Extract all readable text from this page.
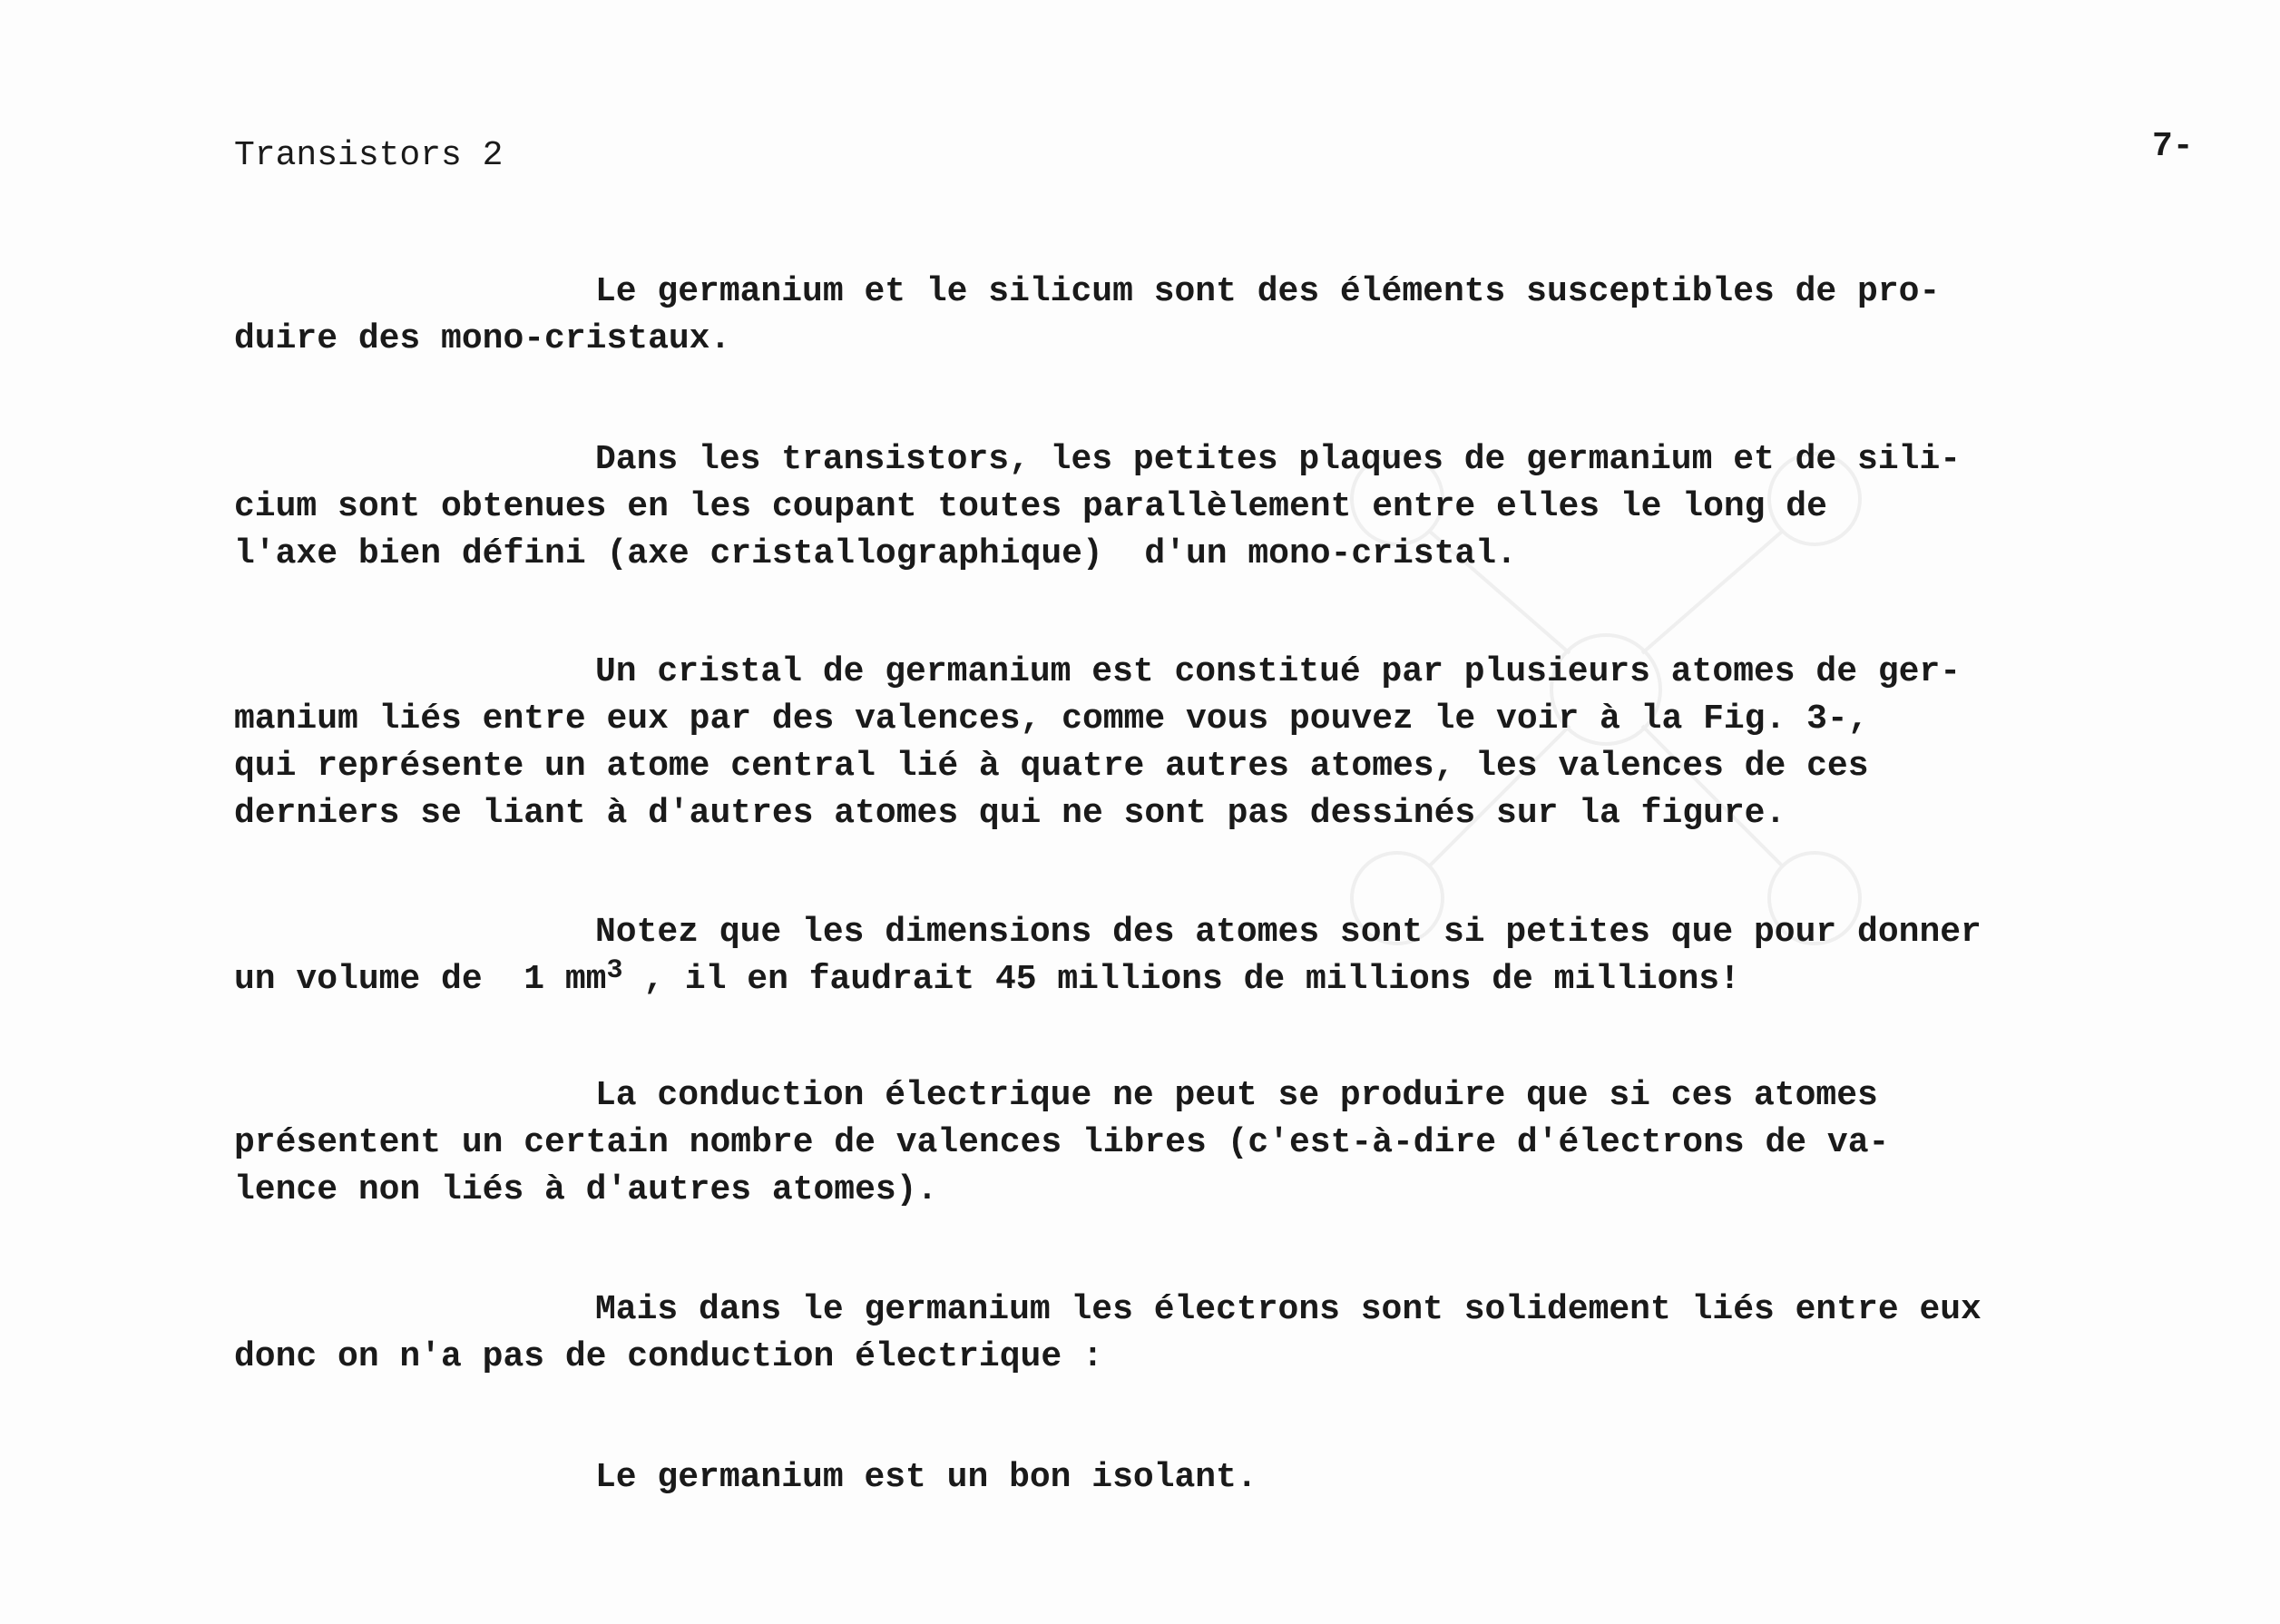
Transistors 2	7-
Le germanium et le silicum sont des éléments susceptibles de pro-
duire des mono-cristaux.
Dans les transistors, les petites plaques de germanium et de sili-
cium sont obtenues en les coupant toutes parallèlement entre elles le long de
l'axe bien défini (axe cristallographique)  d'un mono-cristal.
Un cristal de germanium est constitué par plusieurs atomes de ger-
manium liés entre eux par des valences, comme vous pouvez le voir à la Fig. 3-,
qui représente un atome central lié à quatre autres atomes, les valences de ces
derniers se liant à d'autres atomes qui ne sont pas dessinés sur la figure.
Notez que les dimensions des atomes sont si petites que pour donner
un volume de  1 $mm^3$ , il en faudrait 45 millions de millions de millions!
La conduction électrique ne peut se produire que si ces atomes
présentent un certain nombre de valences libres (c'est-à-dire d'électrons de va-
lence non liés à d'autres atomes).
Mais dans le germanium les électrons sont solidement liés entre eux
donc on n'a pas de conduction électrique :
Le germanium est un bon isolant.
